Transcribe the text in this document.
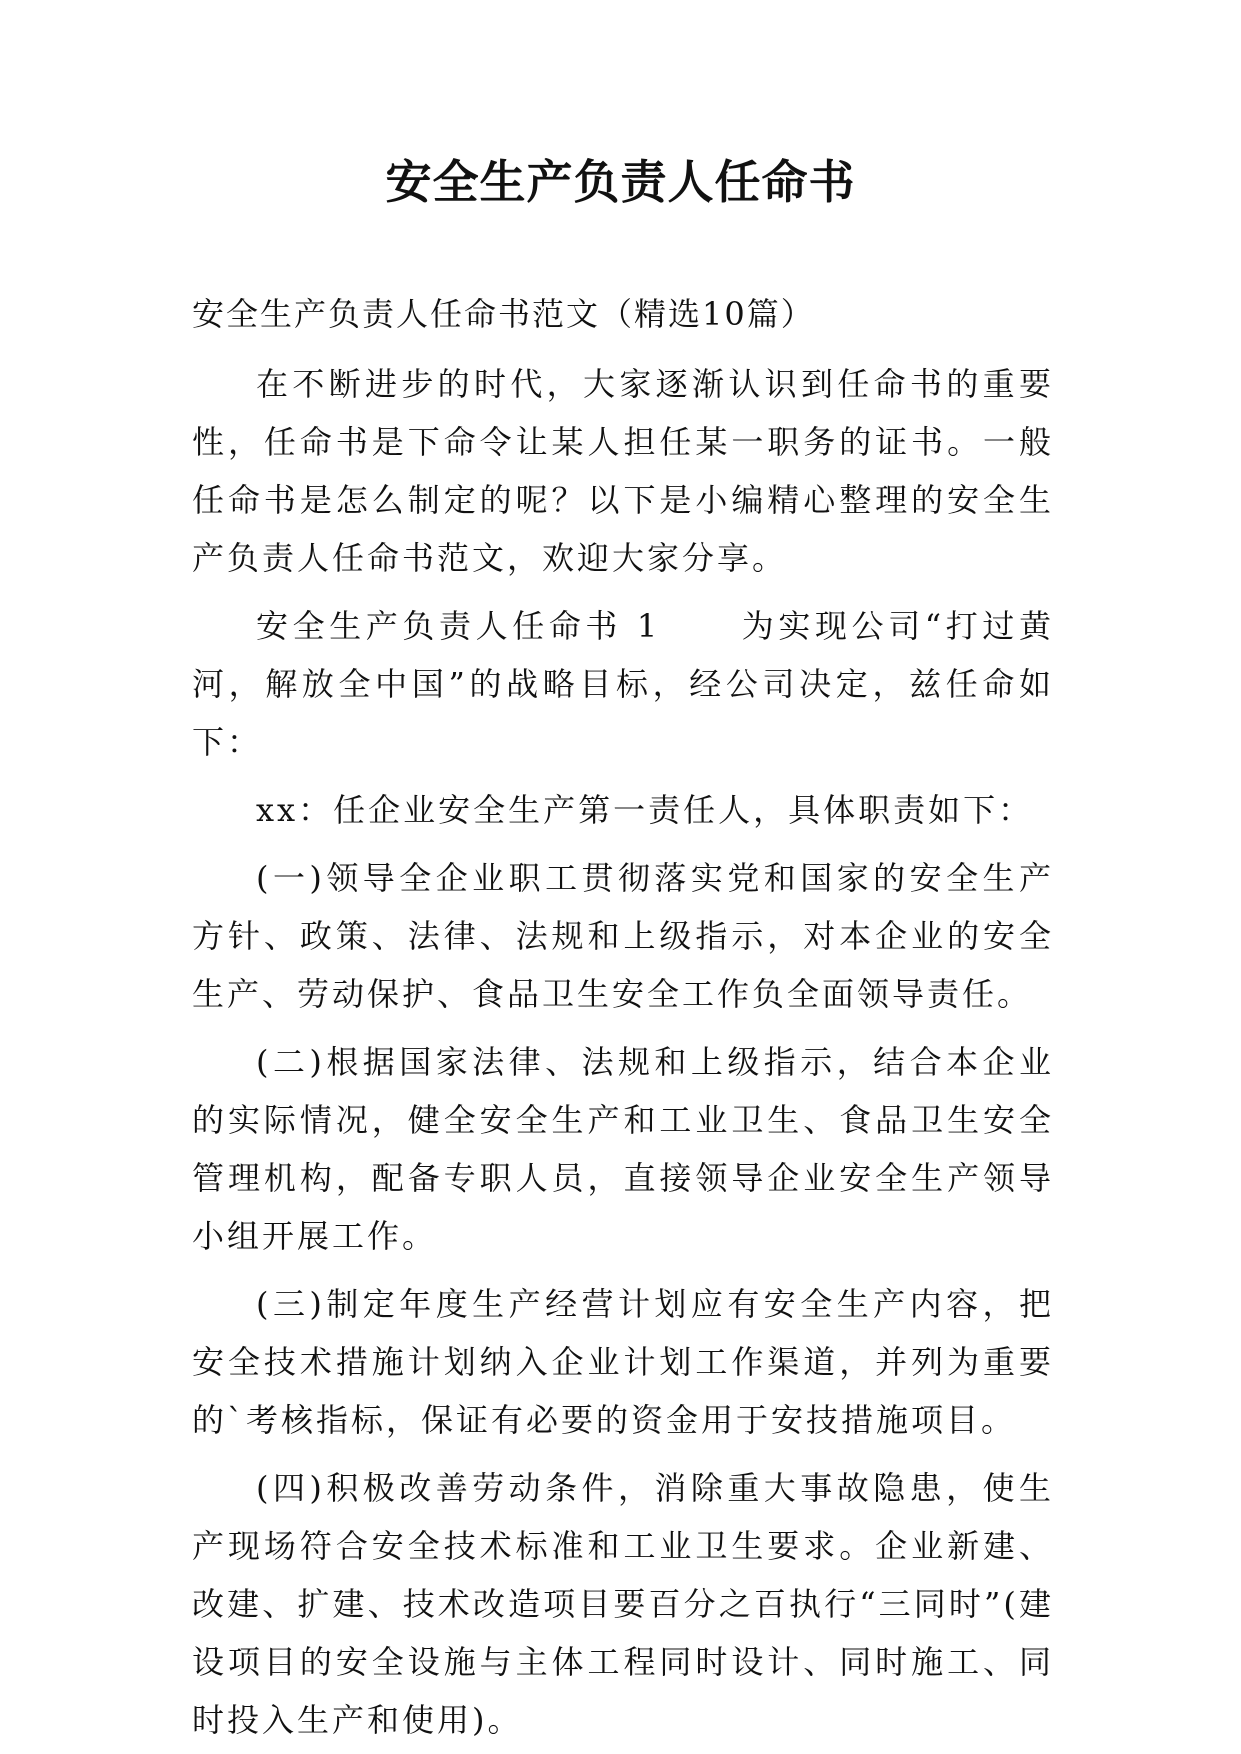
安全生产负责人任命书

安全生产负责人任命书范文（精选10篇）

在不断进步的时代，大家逐渐认识到任命书的重要性，任命书是下命令让某人担任某一职务的证书。一般任命书是怎么制定的呢？以下是小编精心整理的安全生产负责人任命书范文，欢迎大家分享。

安全生产负责人任命书 1	为实现公司“打过黄河，解放全中国”的战略目标，经公司决定，兹任命如下：

xx：任企业安全生产第一责任人，具体职责如下：

(一)领导全企业职工贯彻落实党和国家的安全生产方针、政策、法律、法规和上级指示，对本企业的安全生产、劳动保护、食品卫生安全工作负全面领导责任。

(二)根据国家法律、法规和上级指示，结合本企业的实际情况，健全安全生产和工业卫生、食品卫生安全管理机构，配备专职人员，直接领导企业安全生产领导小组开展工作。

(三)制定年度生产经营计划应有安全生产内容，把安全技术措施计划纳入企业计划工作渠道，并列为重要的`考核指标，保证有必要的资金用于安技措施项目。

(四)积极改善劳动条件，消除重大事故隐患，使生产现场符合安全技术标准和工业卫生要求。企业新建、改建、扩建、技术改造项目要百分之百执行“三同时”(建设项目的安全设施与主体工程同时设计、同时施工、同时投入生产和使用)。
